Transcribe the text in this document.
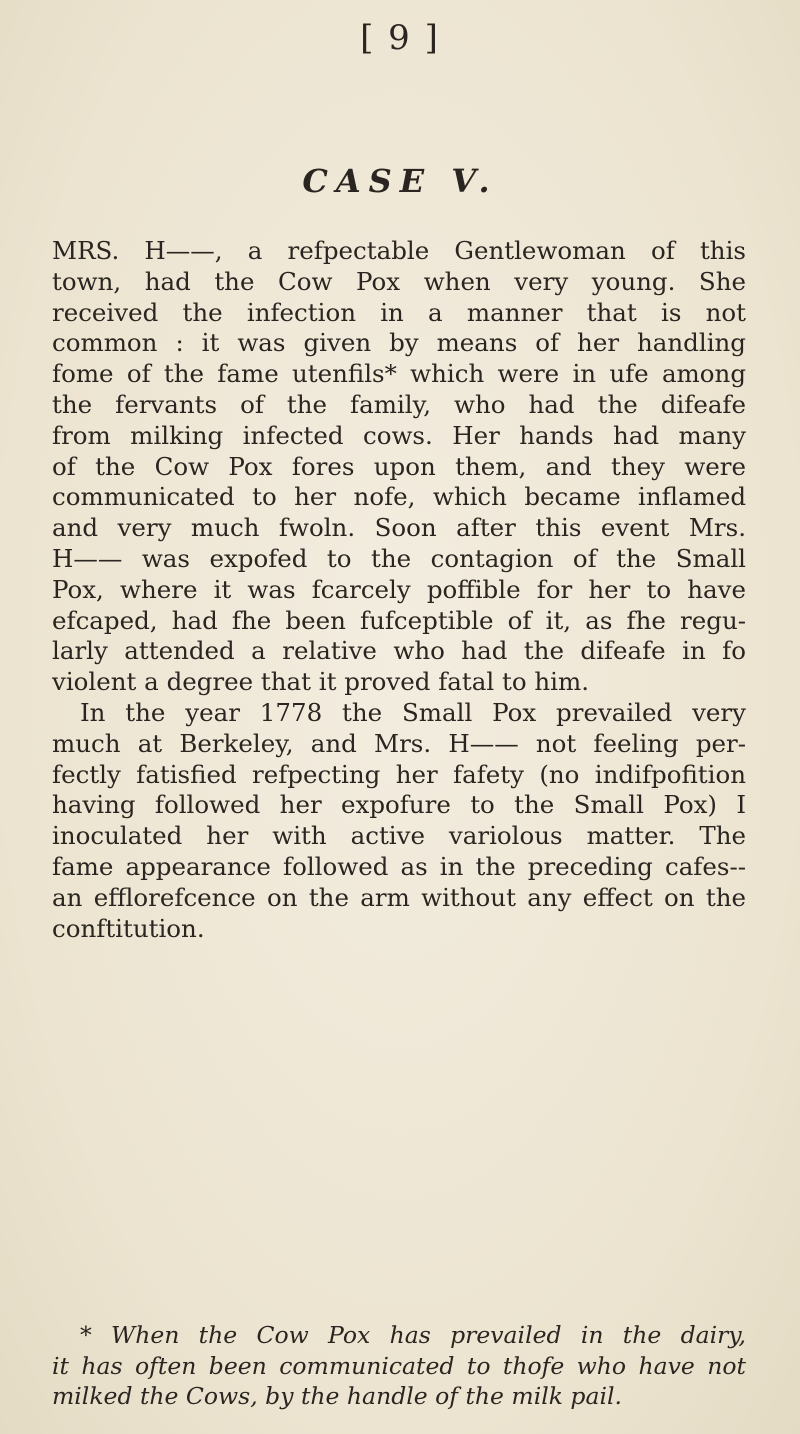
[ 9 ]
CASE V.
MRS. H——, a refpectable Gentlewoman of this
town, had the Cow Pox when very young. She
received the infection in a manner that is not
common : it was given by means of her handling
fome of the fame utenfils* which were in ufe among
the fervants of the family, who had the difeafe
from milking infected cows. Her hands had many
of the Cow Pox fores upon them, and they were
communicated to her nofe, which became inflamed
and very much fwoln. Soon after this event Mrs.
H—— was expofed to the contagion of the Small
Pox, where it was fcarcely poffible for her to have
efcaped, had fhe been fufceptible of it, as fhe regu-
larly attended a relative who had the difeafe in fo
violent a degree that it proved fatal to him.
In the year 1778 the Small Pox prevailed very
much at Berkeley, and Mrs. H—— not feeling per-
fectly fatisfied refpecting her fafety (no indifpofition
having followed her expofure to the Small Pox) I
inoculated her with active variolous matter. The
fame appearance followed as in the preceding cafes--
an efflorefcence on the arm without any effect on the
conftitution.
* When the Cow Pox has prevailed in the dairy,
it has often been communicated to thofe who have not
milked the Cows, by the handle of the milk pail.
